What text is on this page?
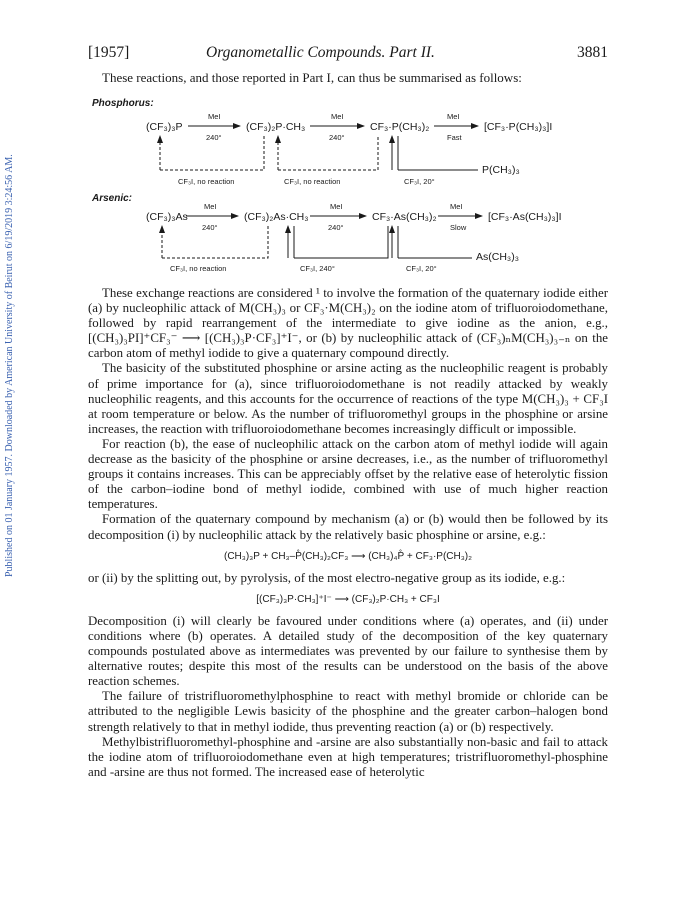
Published on 01 January 1957. Downloaded by American University of Beirut on 6/19/2019 3:24:56 AM.
[1957]	Organometallic Compounds. Part II.	3881
These reactions, and those reported in Part I, can thus be summarised as follows:
Phosphorus:
Arsenic:
(CF₃)₃P	(CF₃)₂P·CH₃	CF₃·P(CH₃)₂	[CF₃·P(CH₃)₃]I
MeI
240°
MeI
240°
MeI
Fast
CF₃I, no reaction	CF₃I, no reaction	CF₃I, 20°
P(CH₃)₃
(CF₃)₃As	(CF₃)₂As·CH₃	CF₃·As(CH₃)₂	[CF₃·As(CH₃)₃]I
MeI
240°
MeI
240°
MeI
Slow
CF₃I, no reaction	CF₃I, 240°	CF₃I, 20°
As(CH₃)₃

These exchange reactions are considered ¹ to involve the formation of the quaternary iodide either (a) by nucleophilic attack of M(CH₃)₃ or CF₃·M(CH₃)₂ on the iodine atom of trifluoroiodomethane, followed by rapid rearrangement of the intermediate to give iodine as the anion, e.g., [(CH₃)₃PI]⁺CF₃⁻ ⟶ [(CH₃)₃P·CF₃]⁺I⁻, or (b) by nucleophilic attack of (CF₃)ₙM(CH₃)₃₋ₙ on the carbon atom of methyl iodide to give a quaternary compound directly.

The basicity of the substituted phosphine or arsine acting as the nucleophilic reagent is probably of prime importance for (a), since trifluoroiodomethane is not readily attacked by weakly nucleophilic reagents, and this accounts for the occurrence of reactions of the type M(CH₃)₃ + CF₃I at room temperature or below. As the number of trifluoromethyl groups in the phosphine or arsine increases, the reaction with trifluoroiodomethane becomes increasingly difficult or impossible.

For reaction (b), the ease of nucleophilic attack on the carbon atom of methyl iodide will again decrease as the basicity of the phosphine or arsine decreases, i.e., as the number of trifluoromethyl groups it contains increases. This can be appreciably offset by the relative ease of heterolytic fission of the carbon–iodine bond of methyl iodide, combined with use of much higher reaction temperatures.

Formation of the quaternary compound by mechanism (a) or (b) would then be followed by its decomposition (i) by nucleophilic attack by the relatively basic phosphine or arsine, e.g.:

(CH₃)₃P + CH₃–P̊(CH₃)₂CF₃ ⟶ (CH₃)₄P̊ + CF₃·P(CH₃)₂

or (ii) by the splitting out, by pyrolysis, of the most electro-negative group as its iodide, e.g.:

[(CF₃)₃P·CH₃]⁺I⁻ ⟶ (CF₃)₂P·CH₃ + CF₃I

Decomposition (i) will clearly be favoured under conditions where (a) operates, and (ii) under conditions where (b) operates. A detailed study of the decomposition of the key quaternary compounds postulated above as intermediates was prevented by our failure to synthesise them by alternative routes; despite this most of the results can be understood on the basis of the above reaction schemes.

The failure of tristrifluoromethylphosphine to react with methyl bromide or chloride can be attributed to the negligible Lewis basicity of the phosphine and the greater carbon–halogen bond strength relatively to that in methyl iodide, thus preventing reaction (a) or (b) respectively.

Methylbistrifluoromethyl-phosphine and -arsine are also substantially non-basic and fail to attack the iodine atom of trifluoroiodomethane even at high temperatures; tristrifluoromethyl-phosphine and -arsine are thus not formed. The increased ease of heterolytic
